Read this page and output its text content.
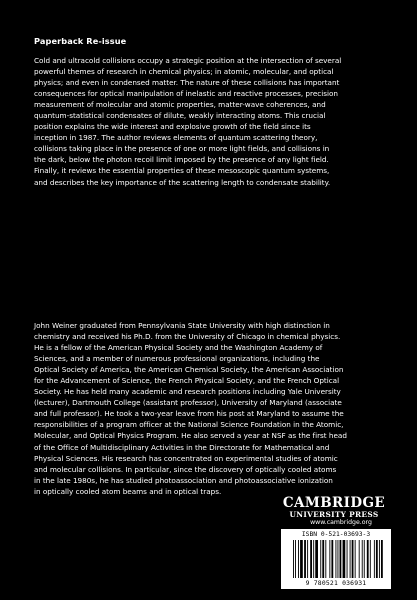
Paperback Re-issue
Cold and ultracold collisions occupy a strategic position at the intersection of several
powerful themes of research in chemical physics; in atomic, molecular, and optical
physics; and even in condensed matter. The nature of these collisions has important
consequences for optical manipulation of inelastic and reactive processes, precision
measurement of molecular and atomic properties, matter-wave coherences, and
quantum-statistical condensates of dilute, weakly interacting atoms. This crucial
position explains the wide interest and explosive growth of the field since its
inception in 1987. The author reviews elements of quantum scattering theory,
collisions taking place in the presence of one or more light fields, and collisions in
the dark, below the photon recoil limit imposed by the presence of any light field.
Finally, it reviews the essential properties of these mesoscopic quantum systems,
and describes the key importance of the scattering length to condensate stability.
John Weiner graduated from Pennsylvania State University with high distinction in
chemistry and received his Ph.D. from the University of Chicago in chemical physics.
He is a fellow of the American Physical Society and the Washington Academy of
Sciences, and a member of numerous professional organizations, including the
Optical Society of America, the American Chemical Society, the American Association
for the Advancement of Science, the French Physical Society, and the French Optical
Society. He has held many academic and research positions including Yale University
(lecturer), Dartmouth College (assistant professor), University of Maryland (associate
and full professor). He took a two-year leave from his post at Maryland to assume the
responsibilities of a program officer at the National Science Foundation in the Atomic,
Molecular, and Optical Physics Program. He also served a year at NSF as the first head
of the Office of Multidisciplinary Activities in the Directorate for Mathematical and
Physical Sciences. His research has concentrated on experimental studies of atomic
and molecular collisions. In particular, since the discovery of optically cooled atoms
in the late 1980s, he has studied photoassociation and photoassociative ionization
in optically cooled atom beams and in optical traps.
CAMBRIDGE
UNIVERSITY PRESS
www.cambridge.org
ISBN 0-521-03693-3
9 780521 036931
